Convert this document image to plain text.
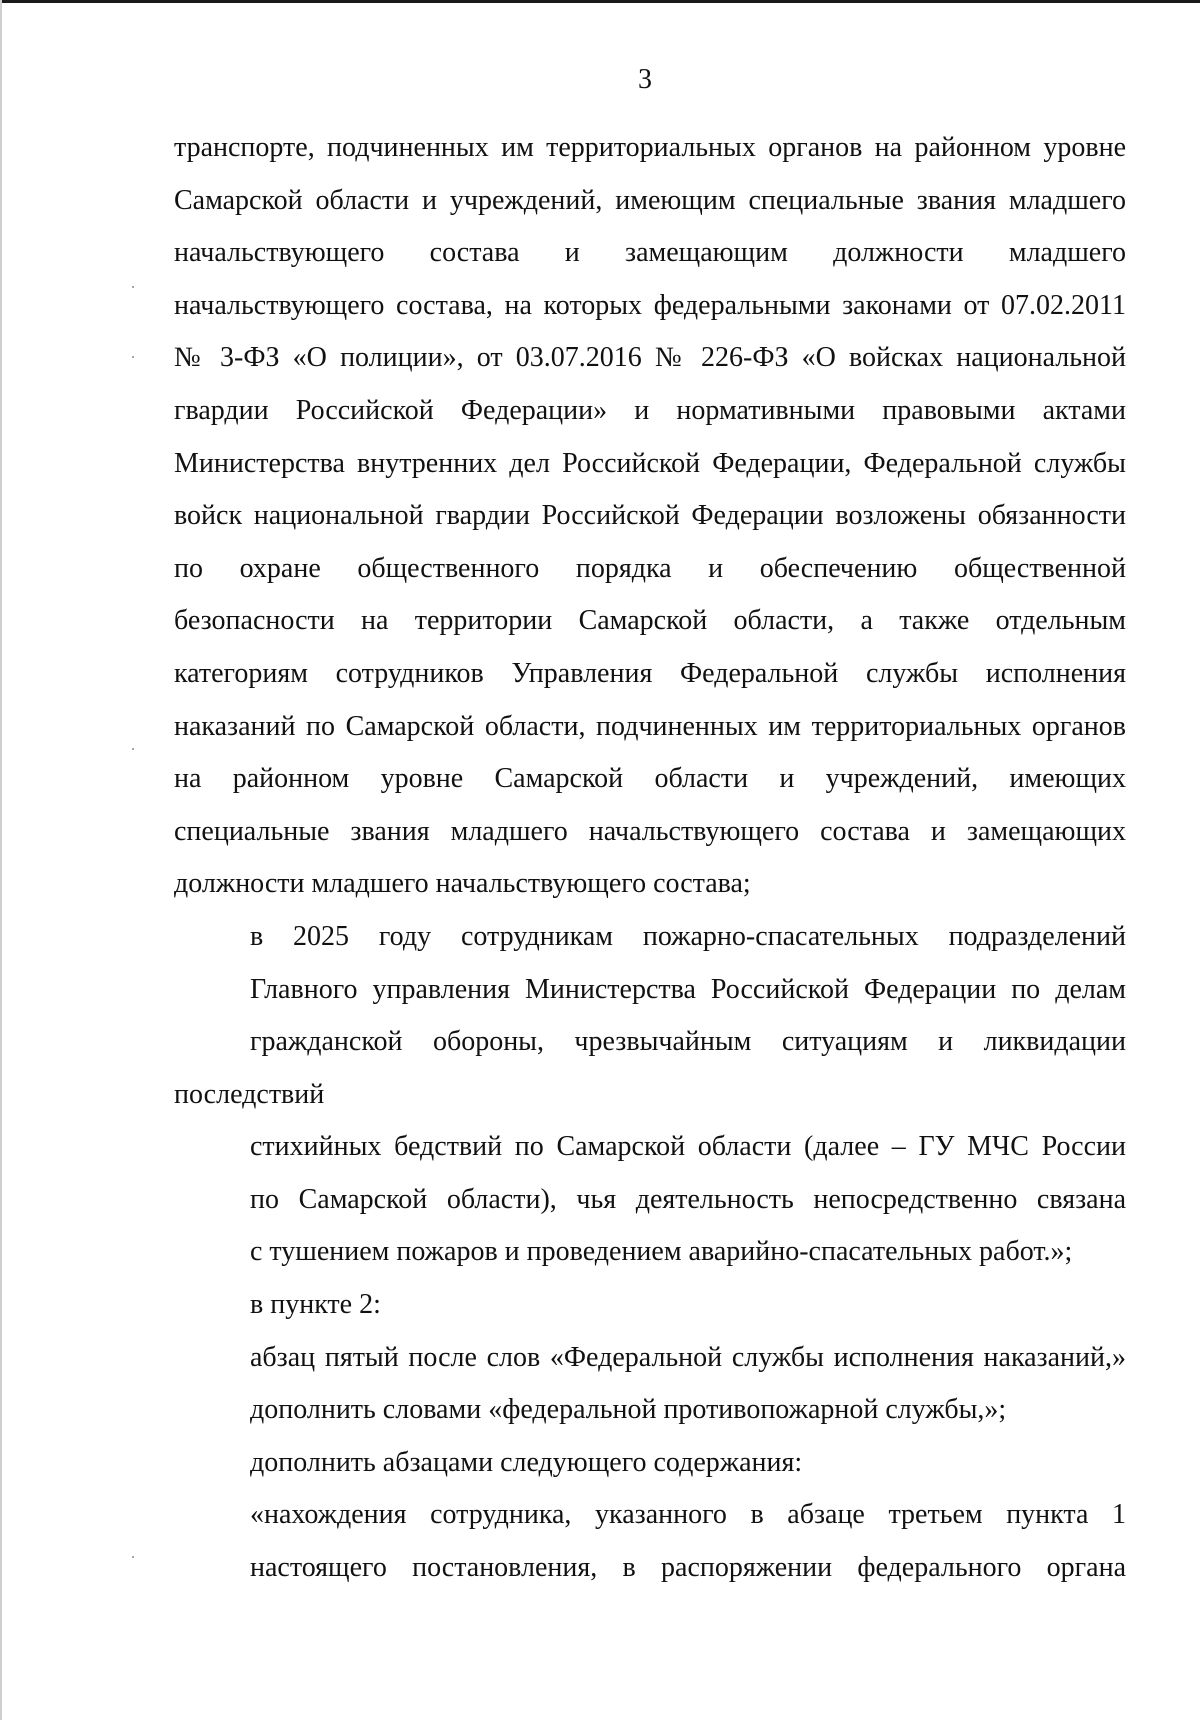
3

транспорте, подчиненных им территориальных органов на районном уровне
Самарской области и учреждений, имеющим специальные звания младшего
начальствующего состава и замещающим должности младшего
начальствующего состава, на которых федеральными законами от 07.02.2011
№ 3-ФЗ «О полиции», от 03.07.2016 № 226-ФЗ «О войсках национальной
гвардии Российской Федерации» и нормативными правовыми актами
Министерства внутренних дел Российской Федерации, Федеральной службы
войск национальной гвардии Российской Федерации возложены обязанности
по охране общественного порядка и обеспечению общественной
безопасности на территории Самарской области, а также отдельным
категориям сотрудников Управления Федеральной службы исполнения
наказаний по Самарской области, подчиненных им территориальных органов
на районном уровне Самарской области и учреждений, имеющих
специальные звания младшего начальствующего состава и замещающих
должности младшего начальствующего состава;

в 2025 году сотрудникам пожарно-спасательных подразделений
Главного управления Министерства Российской Федерации по делам
гражданской обороны, чрезвычайным ситуациям и ликвидации последствий
стихийных бедствий по Самарской области (далее – ГУ МЧС России
по Самарской области), чья деятельность непосредственно связана
с тушением пожаров и проведением аварийно-спасательных работ.»;

в пункте 2:

абзац пятый после слов «Федеральной службы исполнения наказаний,»
дополнить словами «федеральной противопожарной службы,»;

дополнить абзацами следующего содержания:

«нахождения сотрудника, указанного в абзаце третьем пункта 1
настоящего постановления, в распоряжении федерального органа
